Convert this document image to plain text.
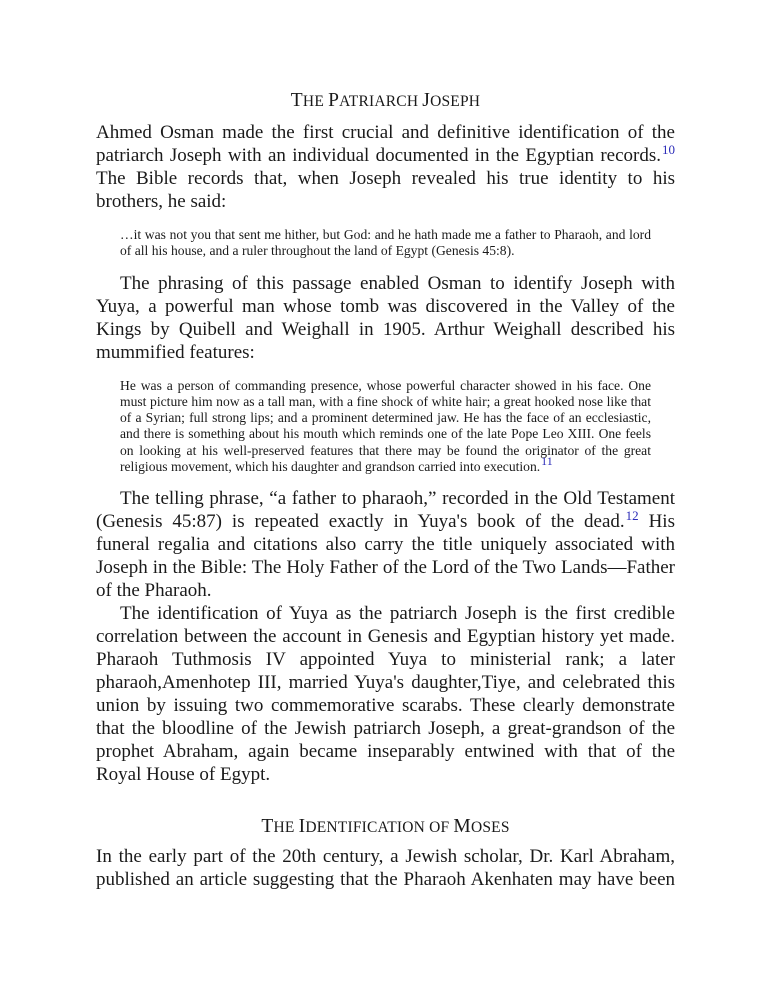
THE PATRIARCH JOSEPH

Ahmed Osman made the first crucial and definitive identification of the patriarch Joseph with an individual documented in the Egyptian records.$^{10}$ The Bible records that, when Joseph revealed his true identity to his brothers, he said:

…it was not you that sent me hither, but God: and he hath made me a father to Pharaoh, and lord of all his house, and a ruler throughout the land of Egypt (Genesis 45:8).

The phrasing of this passage enabled Osman to identify Joseph with Yuya, a powerful man whose tomb was discovered in the Valley of the Kings by Quibell and Weighall in 1905. Arthur Weighall described his mummified features:

He was a person of commanding presence, whose powerful character showed in his face. One must picture him now as a tall man, with a fine shock of white hair; a great hooked nose like that of a Syrian; full strong lips; and a prominent determined jaw. He has the face of an ecclesiastic, and there is something about his mouth which reminds one of the late Pope Leo XIII. One feels on looking at his well-preserved features that there may be found the originator of the great religious movement, which his daughter and grandson carried into execution.$^{11}$

The telling phrase, “a father to pharaoh,” recorded in the Old Testament (Genesis 45:87) is repeated exactly in Yuya's book of the dead.$^{12}$ His funeral regalia and citations also carry the title uniquely associated with Joseph in the Bible: The Holy Father of the Lord of the Two Lands—Father of the Pharaoh.

The identification of Yuya as the patriarch Joseph is the first credible correlation between the account in Genesis and Egyptian history yet made. Pharaoh Tuthmosis IV appointed Yuya to ministerial rank; a later pharaoh,Amenhotep III, married Yuya's daughter,Tiye, and celebrated this union by issuing two commemorative scarabs. These clearly demonstrate that the bloodline of the Jewish patriarch Joseph, a great-grandson of the prophet Abraham, again became inseparably entwined with that of the Royal House of Egypt.

THE IDENTIFICATION OF MOSES

In the early part of the 20th century, a Jewish scholar, Dr. Karl Abraham, published an article suggesting that the Pharaoh Akenhaten may have been
